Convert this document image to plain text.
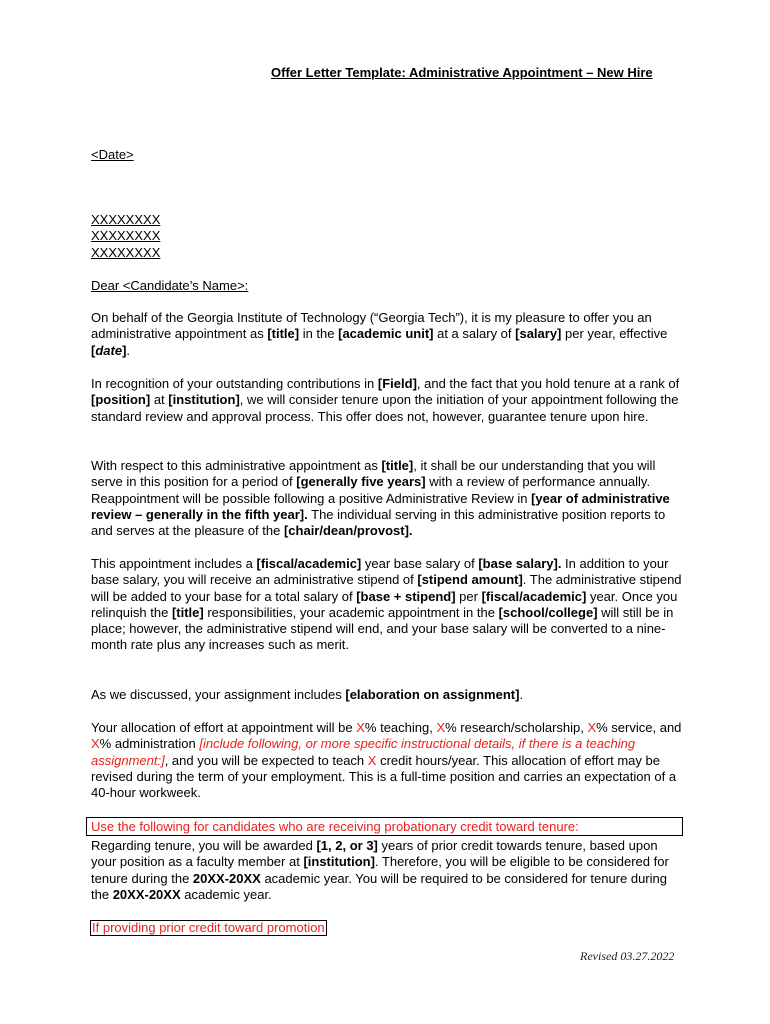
Offer Letter Template: Administrative Appointment – New Hire
<Date>
XXXXXXXX
XXXXXXXX
XXXXXXXX
Dear <Candidate’s Name>:
On behalf of the Georgia Institute of Technology (“Georgia Tech”), it is my pleasure to offer you an administrative appointment as [title] in the [academic unit] at a salary of [salary] per year, effective [date].
In recognition of your outstanding contributions in [Field], and the fact that you hold tenure at a rank of [position] at [institution], we will consider tenure upon the initiation of your appointment following the standard review and approval process. This offer does not, however, guarantee tenure upon hire.
With respect to this administrative appointment as [title], it shall be our understanding that you will serve in this position for a period of [generally five years] with a review of performance annually. Reappointment will be possible following a positive Administrative Review in [year of administrative review – generally in the fifth year]. The individual serving in this administrative position reports to and serves at the pleasure of the [chair/dean/provost].
This appointment includes a [fiscal/academic] year base salary of [base salary]. In addition to your base salary, you will receive an administrative stipend of [stipend amount]. The administrative stipend will be added to your base for a total salary of [base + stipend] per [fiscal/academic] year. Once you relinquish the [title] responsibilities, your academic appointment in the [school/college] will still be in place; however, the administrative stipend will end, and your base salary will be converted to a nine-month rate plus any increases such as merit.
As we discussed, your assignment includes [elaboration on assignment].
Your allocation of effort at appointment will be X% teaching, X% research/scholarship, X% service, and X% administration [include following, or more specific instructional details, if there is a teaching assignment:], and you will be expected to teach X credit hours/year. This allocation of effort may be revised during the term of your employment. This is a full-time position and carries an expectation of a 40-hour workweek.
Use the following for candidates who are receiving probationary credit toward tenure:
Regarding tenure, you will be awarded [1, 2, or 3] years of prior credit towards tenure, based upon your position as a faculty member at [institution]. Therefore, you will be eligible to be considered for tenure during the 20XX-20XX academic year. You will be required to be considered for tenure during the 20XX-20XX academic year.
If providing prior credit toward promotion
Revised 03.27.2022
